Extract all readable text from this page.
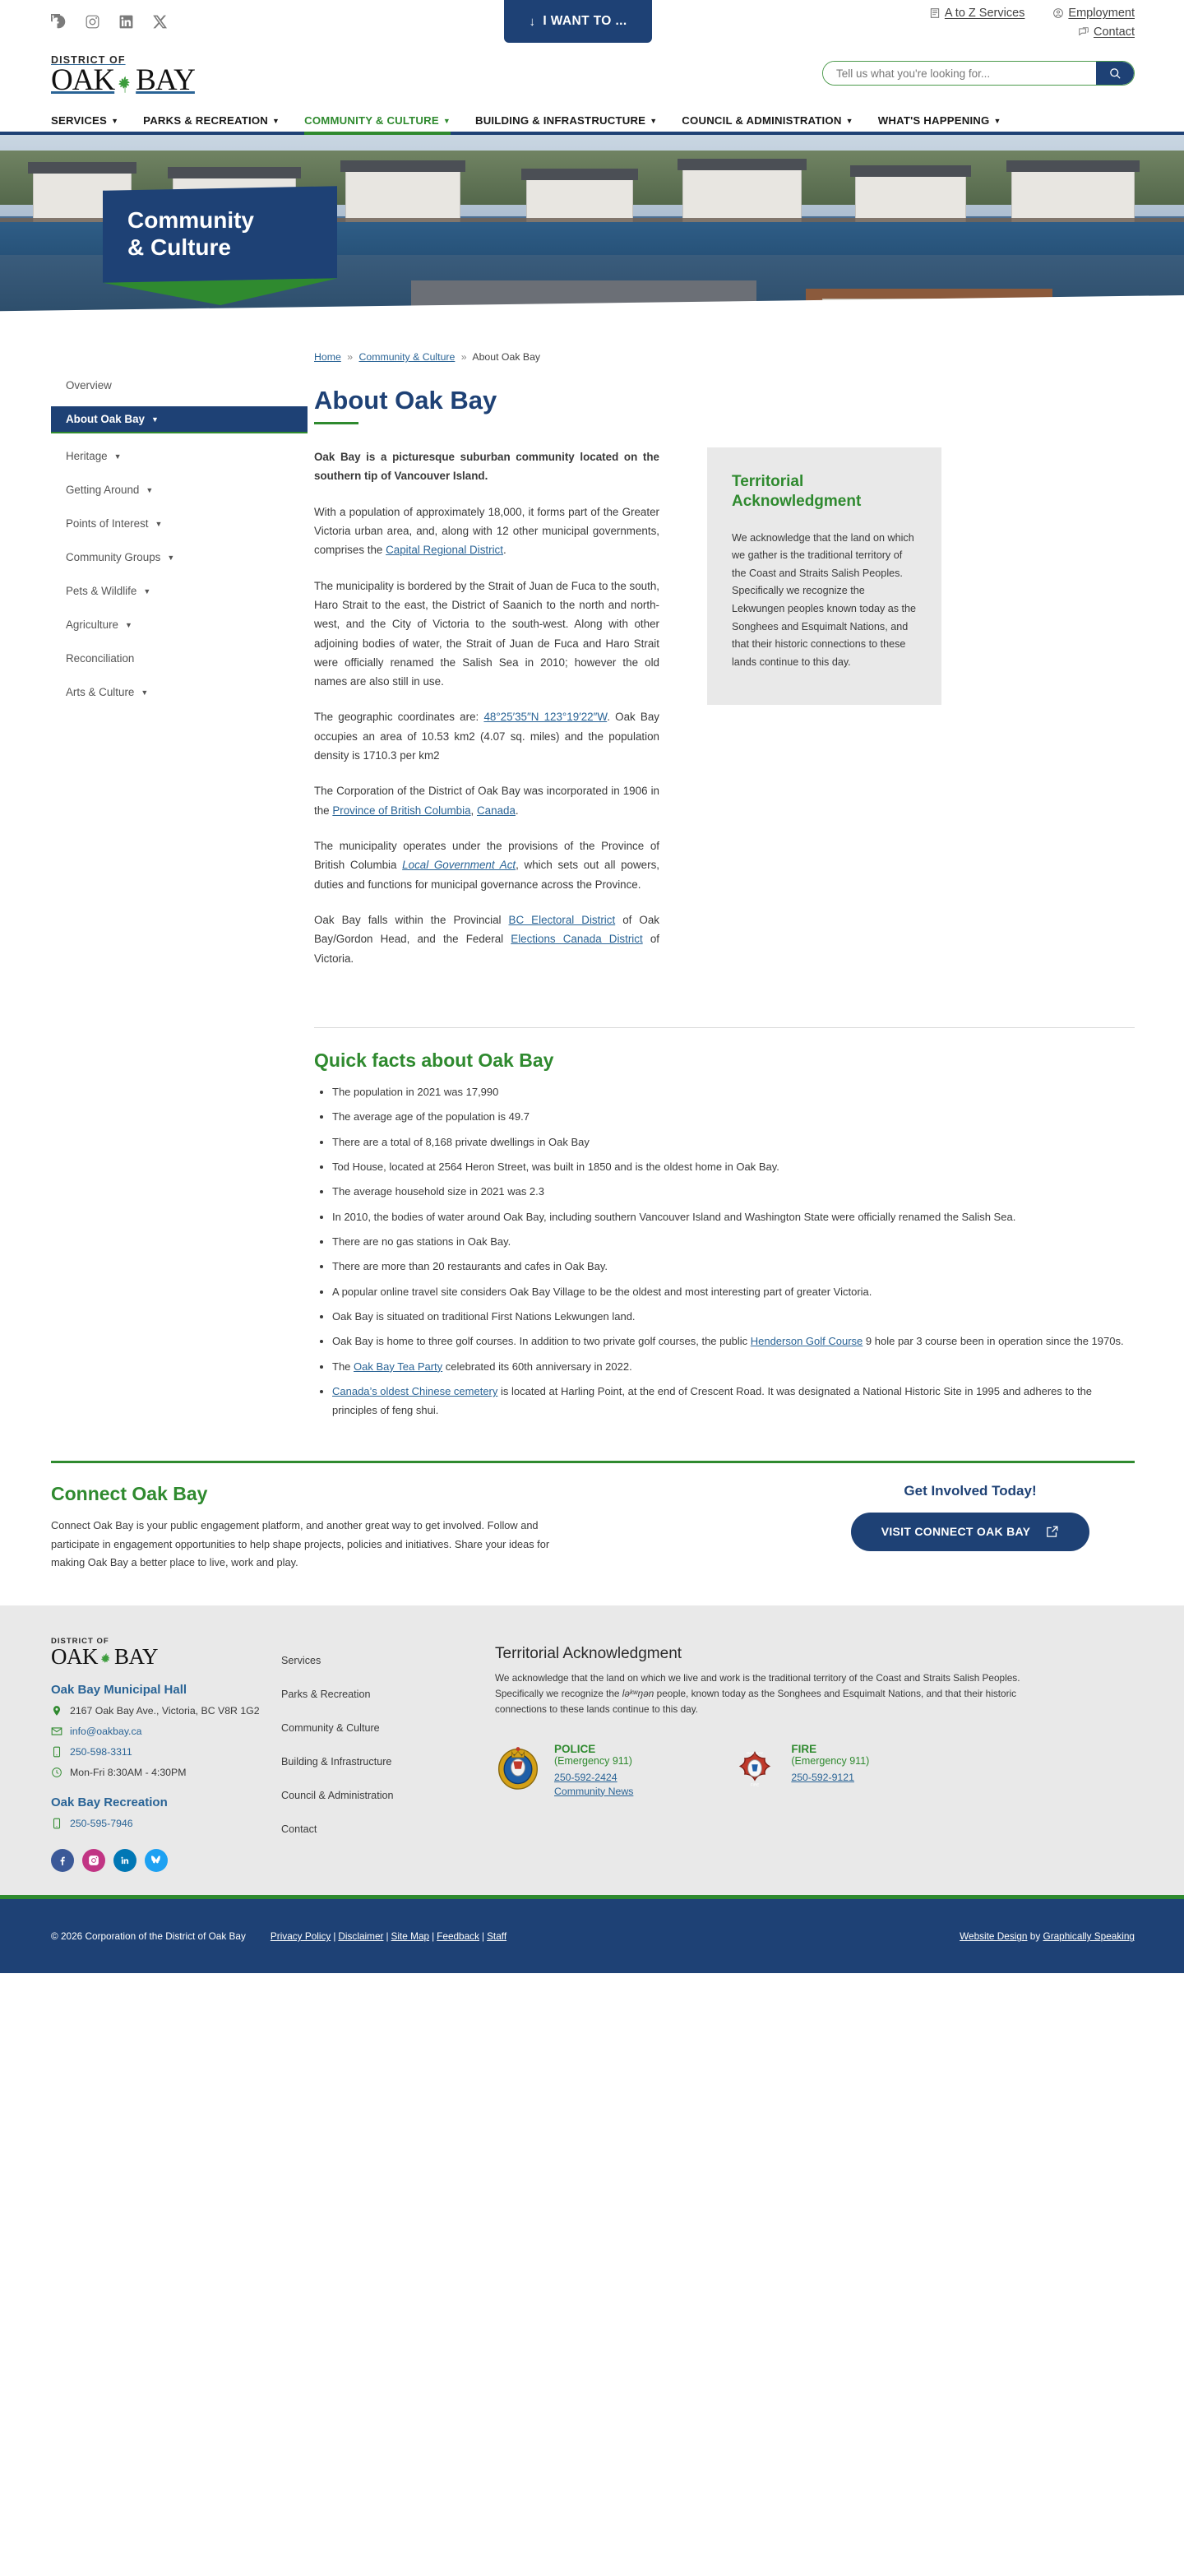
↓ I WANT TO ...
A to Z Services	Employment
Contact
DISTRICT OF
OAK BAY
Tell us what you're looking for...
SERVICES ▼ PARKS & RECREATION ▼ COMMUNITY & CULTURE ▼ BUILDING & INFRASTRUCTURE ▼ COUNCIL & ADMINISTRATION ▼ WHAT'S HAPPENING ▼
Community
& Culture
Overview
About Oak Bay ▼
Heritage ▼
Getting Around ▼
Points of Interest ▼
Community Groups ▼
Pets & Wildlife ▼
Agriculture ▼
Reconciliation
Arts & Culture ▼
Home » Community & Culture » About Oak Bay
About Oak Bay

Oak Bay is a picturesque suburban community located on the southern tip of Vancouver Island.

With a population of approximately 18,000, it forms part of the Greater Victoria urban area, and, along with 12 other municipal governments, comprises the Capital Regional District.

The municipality is bordered by the Strait of Juan de Fuca to the south, Haro Strait to the east, the District of Saanich to the north and north-west, and the City of Victoria to the south-west. Along with other adjoining bodies of water, the Strait of Juan de Fuca and Haro Strait were officially renamed the Salish Sea in 2010; however the old names are also still in use.

The geographic coordinates are: 48°25′35″N 123°19′22″W. Oak Bay occupies an area of 10.53 km2 (4.07 sq. miles) and the population density is 1710.3 per km2

The Corporation of the District of Oak Bay was incorporated in 1906 in the Province of British Columbia, Canada.

The municipality operates under the provisions of the Province of British Columbia Local Government Act, which sets out all powers, duties and functions for municipal governance across the Province.

Oak Bay falls within the Provincial BC Electoral District of Oak Bay/Gordon Head, and the Federal Elections Canada District of Victoria.

Territorial Acknowledgment

We acknowledge that the land on which we gather is the traditional territory of the Coast and Straits Salish Peoples. Specifically we recognize the Lekwungen peoples known today as the Songhees and Esquimalt Nations, and that their historic connections to these lands continue to this day.

Quick facts about Oak Bay
• The population in 2021 was 17,990
• The average age of the population is 49.7
• There are a total of 8,168 private dwellings in Oak Bay
• Tod House, located at 2564 Heron Street, was built in 1850 and is the oldest home in Oak Bay.
• The average household size in 2021 was 2.3
• In 2010, the bodies of water around Oak Bay, including southern Vancouver Island and Washington State were officially renamed the Salish Sea.
• There are no gas stations in Oak Bay.
• There are more than 20 restaurants and cafes in Oak Bay.
• A popular online travel site considers Oak Bay Village to be the oldest and most interesting part of greater Victoria.
• Oak Bay is situated on traditional First Nations Lekwungen land.
• Oak Bay is home to three golf courses. In addition to two private golf courses, the public Henderson Golf Course 9 hole par 3 course been in operation since the 1970s.
• The Oak Bay Tea Party celebrated its 60th anniversary in 2022.
• Canada’s oldest Chinese cemetery is located at Harling Point, at the end of Crescent Road. It was designated a National Historic Site in 1995 and adheres to the principles of feng shui.
Connect Oak Bay

Connect Oak Bay is your public engagement platform, and another great way to get involved. Follow and participate in engagement opportunities to help shape projects, policies and initiatives. Share your ideas for making Oak Bay a better place to live, work and play.

Get Involved Today!
VISIT CONNECT OAK BAY
DISTRICT OF
OAK BAY
Oak Bay Municipal Hall
2167 Oak Bay Ave., Victoria, BC V8R 1G2
info@oakbay.ca
250-598-3311
Mon-Fri 8:30AM - 4:30PM
Oak Bay Recreation
250-595-7946
Services
Parks & Recreation
Community & Culture
Building & Infrastructure
Council & Administration
Contact
Territorial Acknowledgment

We acknowledge that the land on which we live and work is the traditional territory of the Coast and Straits Salish Peoples. Specifically we recognize the ləᵏʷŋən people, known today as the Songhees and Esquimalt Nations, and that their historic connections to these lands continue to this day.

POLICE
(Emergency 911)
250-592-2424
Community News
OAK BAY
FIRE
FIRE
(Emergency 911)
250-592-9121
© 2026 Corporation of the District of Oak Bay	Privacy Policy | Disclaimer | Site Map | Feedback | Staff	Website Design by Graphically Speaking
